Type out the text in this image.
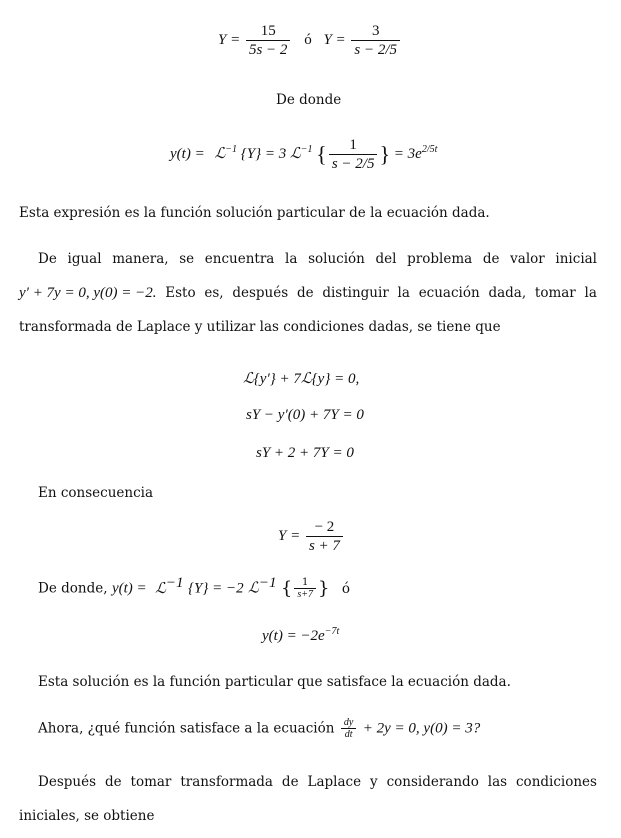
$Y = \frac{15}{5s - 2}$ ó $Y = \frac{3}{s - 2/5}$
De donde
y(t) = ℒ$^{-1}$ {Y} = 3 ℒ$^{-1}$ { $\frac{1}{s - 2/5}$ } = $3e^{2/5t}$
Esta expresión es la función solución particular de la ecuación dada.
De igual manera, se encuentra la solución del problema de valor inicial
y′ + 7y = 0, y(0) = −2. Esto es, después de distinguir la ecuación dada, tomar la
transformada de Laplace y utilizar las condiciones dadas, se tiene que
ℒ{y′} + 7ℒ{y} = 0,
sY − y′(0) + 7Y = 0
sY + 2 + 7Y = 0
En consecuencia
$Y = \frac{- 2}{s + 7}$
De donde, y(t) = ℒ$^{-1}$ {Y} = −2 ℒ$^{-1}$ { $\frac{1}{s+7}$ } ó
$y(t) = -2e^{-7t}$
Esta solución es la función particular que satisface la ecuación dada.
Ahora, ¿qué función satisface a la ecuación $\frac{dy}{dt} + 2y = 0$, y(0) = 3?
Después de tomar transformada de Laplace y considerando las condiciones
iniciales, se obtiene
